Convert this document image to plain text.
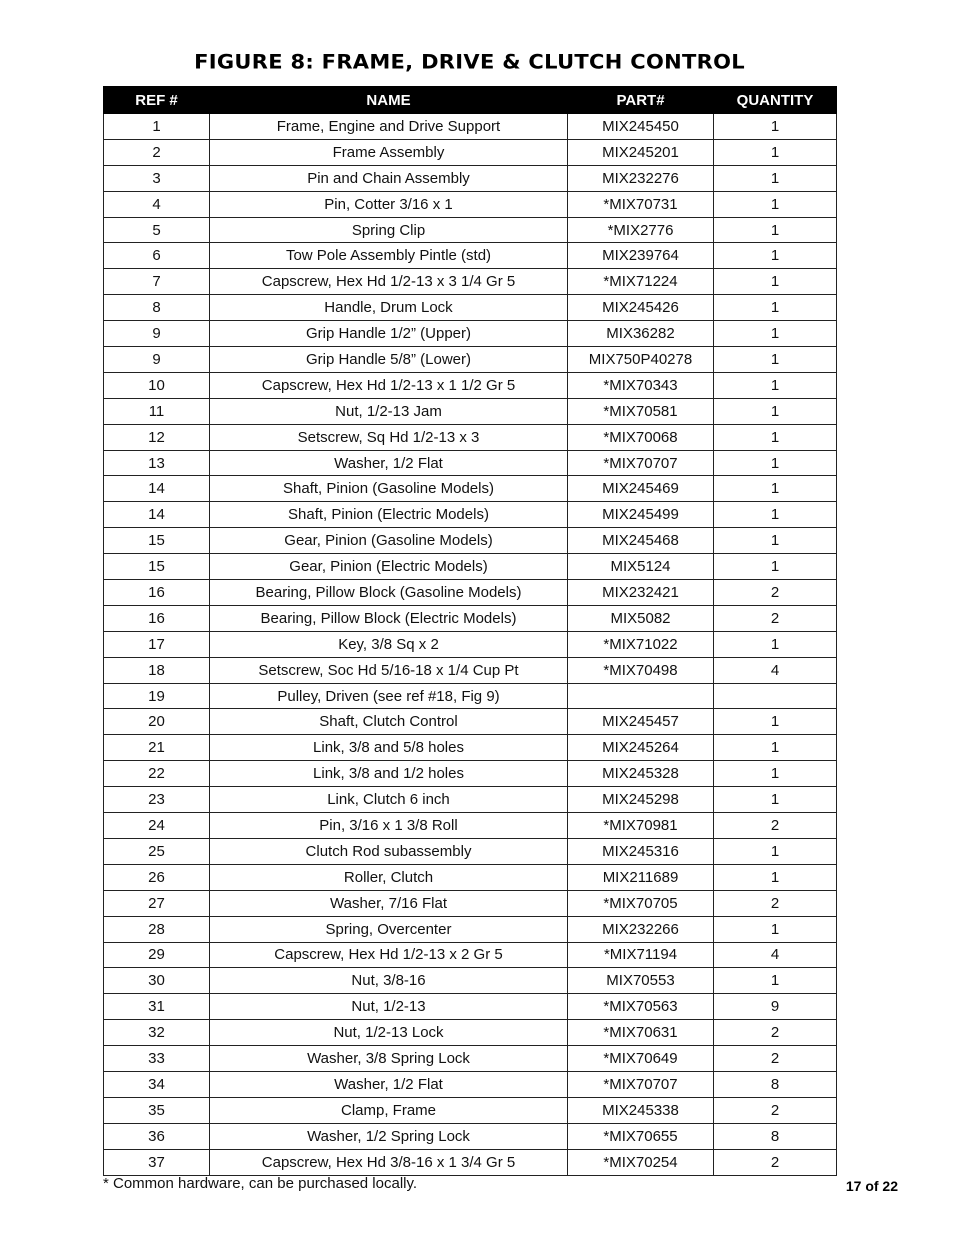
FIGURE 8: FRAME, DRIVE & CLUTCH CONTROL
REF #	NAME	PART#	QUANTITY
1	Frame, Engine and Drive Support	MIX245450	1
2	Frame Assembly	MIX245201	1
3	Pin and Chain Assembly	MIX232276	1
4	Pin, Cotter 3/16 x 1	*MIX70731	1
5	Spring Clip	*MIX2776	1
6	Tow Pole Assembly Pintle (std)	MIX239764	1
7	Capscrew, Hex Hd 1/2-13 x 3 1/4 Gr 5	*MIX71224	1
8	Handle, Drum Lock	MIX245426	1
9	Grip Handle 1/2” (Upper)	MIX36282	1
9	Grip Handle 5/8” (Lower)	MIX750P40278	1
10	Capscrew, Hex Hd 1/2-13 x 1 1/2 Gr 5	*MIX70343	1
11	Nut, 1/2-13 Jam	*MIX70581	1
12	Setscrew, Sq Hd 1/2-13 x 3	*MIX70068	1
13	Washer, 1/2 Flat	*MIX70707	1
14	Shaft, Pinion (Gasoline Models)	MIX245469	1
14	Shaft, Pinion (Electric Models)	MIX245499	1
15	Gear, Pinion (Gasoline Models)	MIX245468	1
15	Gear, Pinion (Electric Models)	MIX5124	1
16	Bearing, Pillow Block (Gasoline Models)	MIX232421	2
16	Bearing, Pillow Block (Electric Models)	MIX5082	2
17	Key, 3/8 Sq x 2	*MIX71022	1
18	Setscrew, Soc Hd 5/16-18 x 1/4 Cup Pt	*MIX70498	4
19	Pulley, Driven (see ref #18, Fig 9)		
20	Shaft, Clutch Control	MIX245457	1
21	Link, 3/8 and 5/8 holes	MIX245264	1
22	Link, 3/8 and 1/2 holes	MIX245328	1
23	Link, Clutch 6 inch	MIX245298	1
24	Pin, 3/16 x 1 3/8 Roll	*MIX70981	2
25	Clutch Rod subassembly	MIX245316	1
26	Roller, Clutch	MIX211689	1
27	Washer, 7/16 Flat	*MIX70705	2
28	Spring, Overcenter	MIX232266	1
29	Capscrew, Hex Hd 1/2-13 x 2 Gr 5	*MIX71194	4
30	Nut, 3/8-16	MIX70553	1
31	Nut, 1/2-13	*MIX70563	9
32	Nut, 1/2-13 Lock	*MIX70631	2
33	Washer, 3/8 Spring Lock	*MIX70649	2
34	Washer, 1/2 Flat	*MIX70707	8
35	Clamp, Frame	MIX245338	2
36	Washer, 1/2 Spring Lock	*MIX70655	8
37	Capscrew, Hex Hd 3/8-16 x 1 3/4 Gr 5	*MIX70254	2
* Common hardware, can be purchased locally.	17 of 22
